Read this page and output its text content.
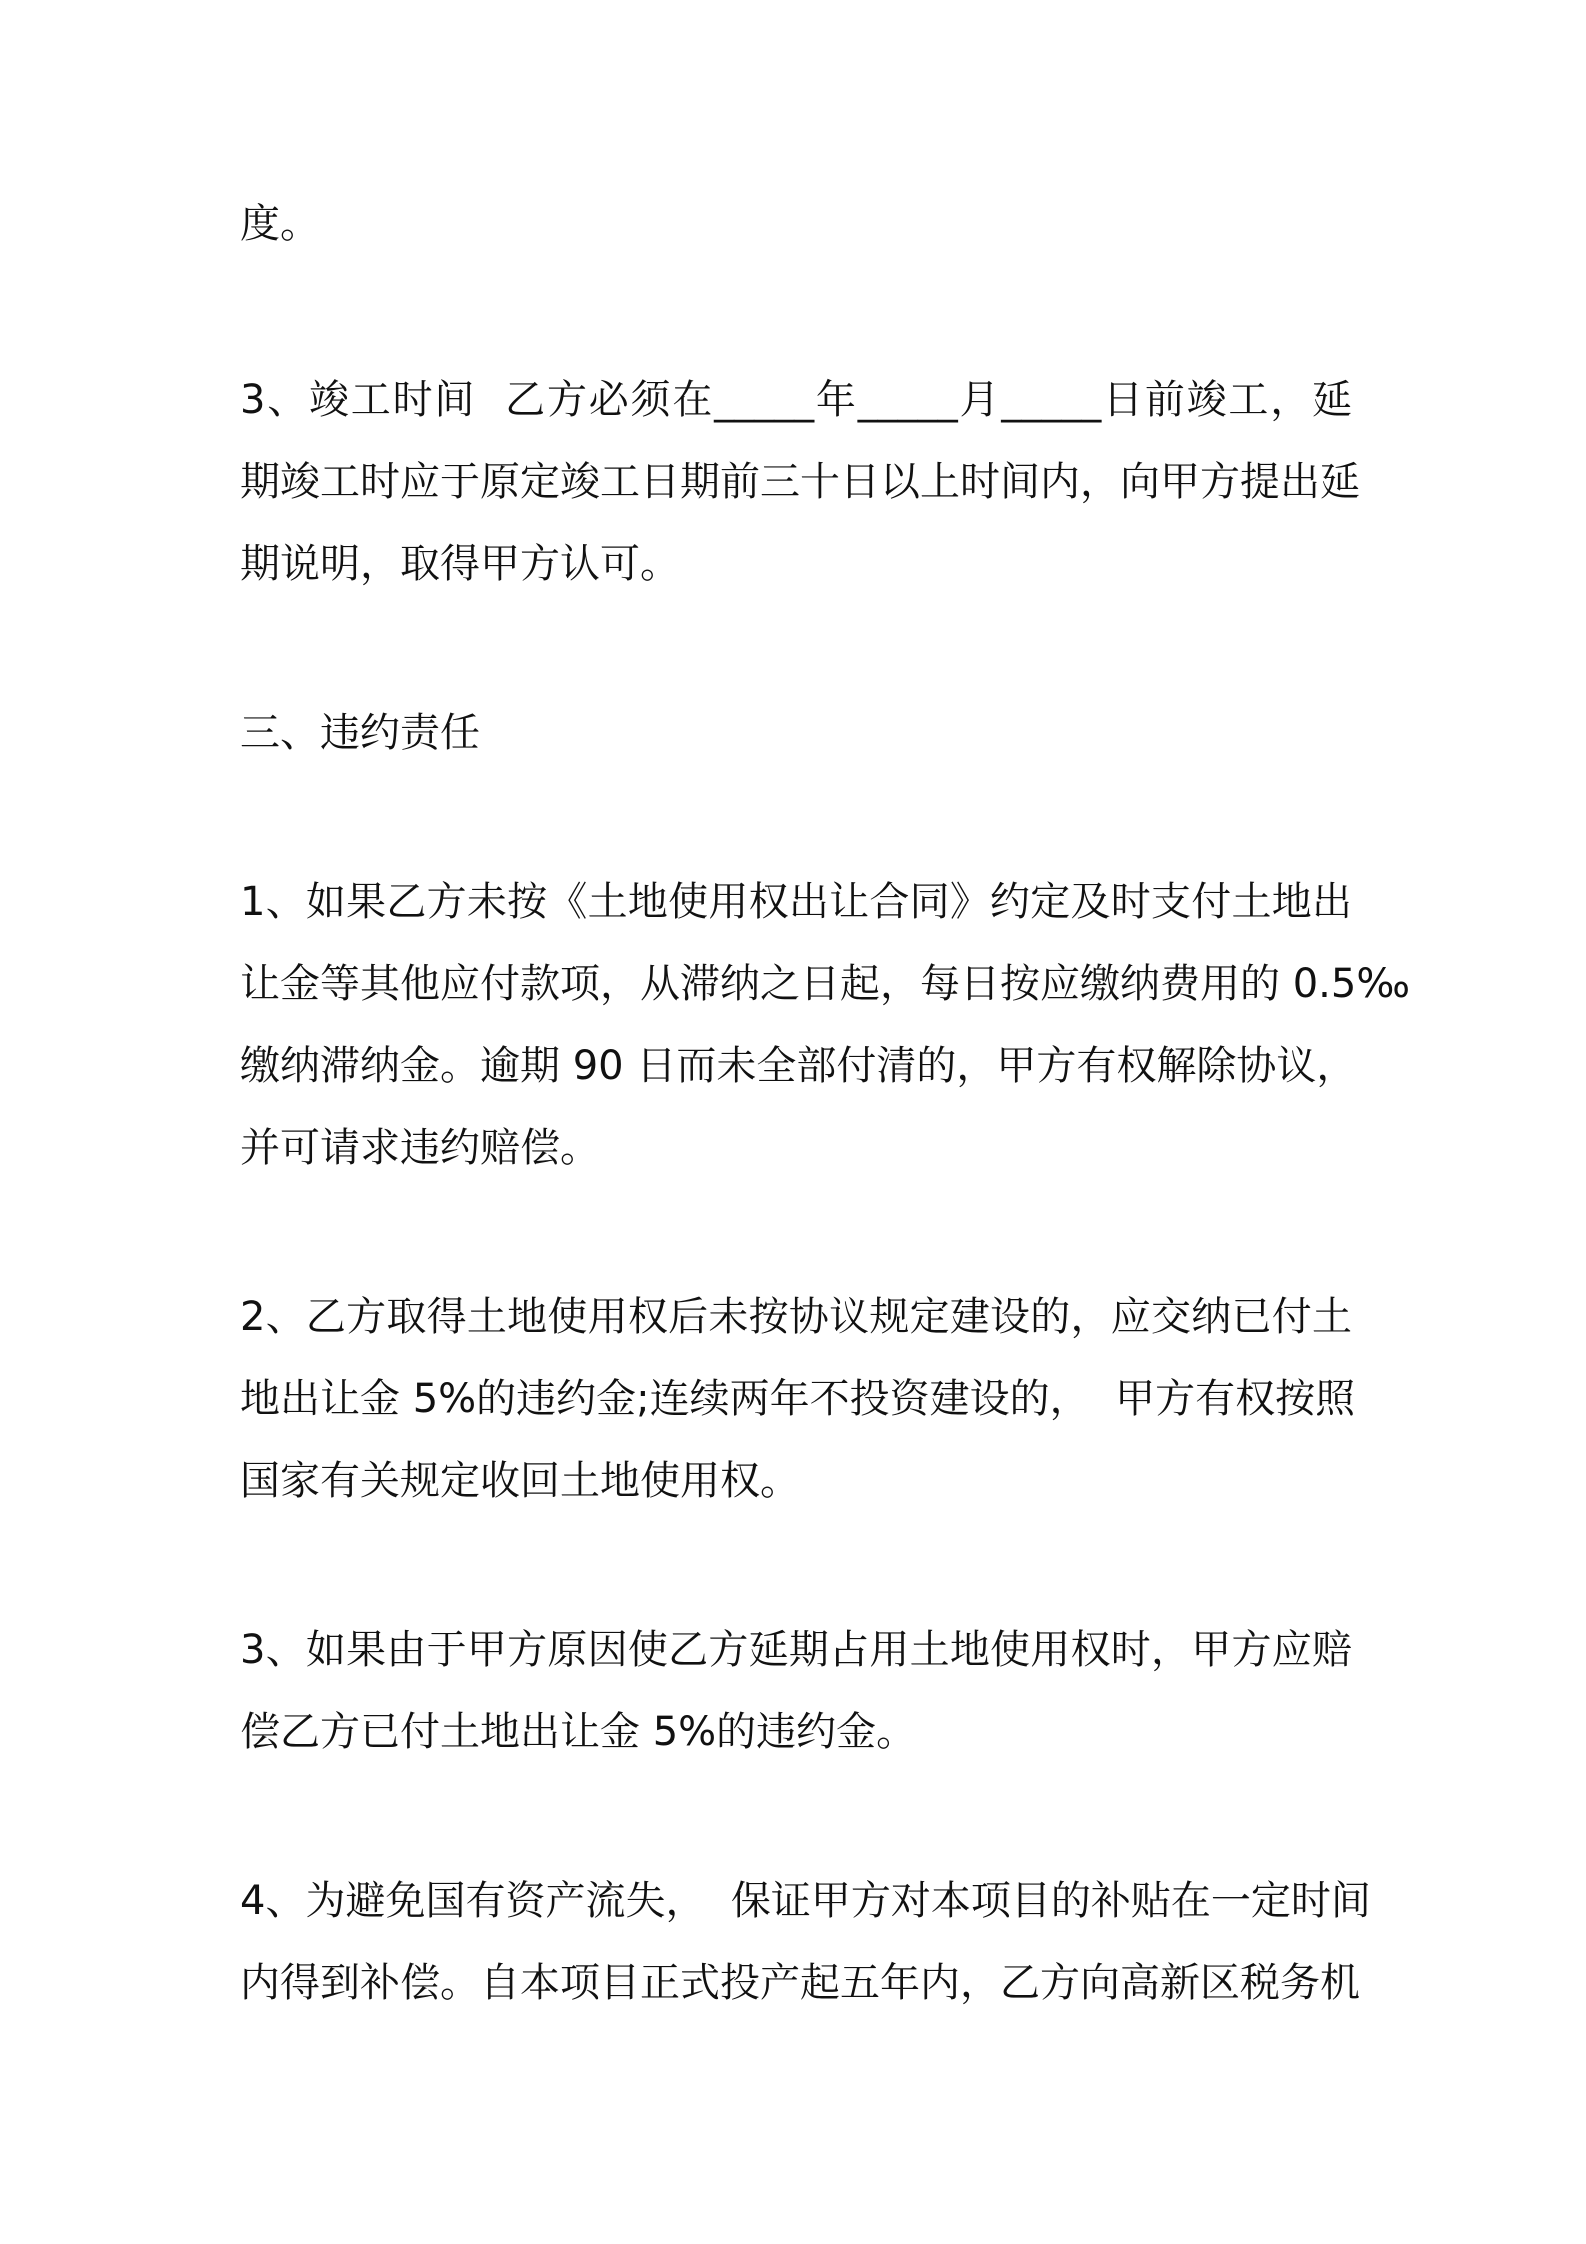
度。
3、竣工时间  乙方必须在_____年_____月_____日前竣工，延
期竣工时应于原定竣工日期前三十日以上时间内，向甲方提出延
期说明，取得甲方认可。
三、违约责任
1、如果乙方未按《土地使用权出让合同》约定及时支付土地出
让金等其他应付款项，从滞纳之日起，每日按应缴纳费用的 0.5‰
缴纳滞纳金。逾期 90 日而未全部付清的，甲方有权解除协议，
并可请求违约赔偿。
2、乙方取得土地使用权后未按协议规定建设的，应交纳已付土
地出让金 5%的违约金;连续两年不投资建设的，  甲方有权按照
国家有关规定收回土地使用权。
3、如果由于甲方原因使乙方延期占用土地使用权时，甲方应赔
偿乙方已付土地出让金 5%的违约金。
4、为避免国有资产流失，  保证甲方对本项目的补贴在一定时间
内得到补偿。自本项目正式投产起五年内，乙方向高新区税务机
